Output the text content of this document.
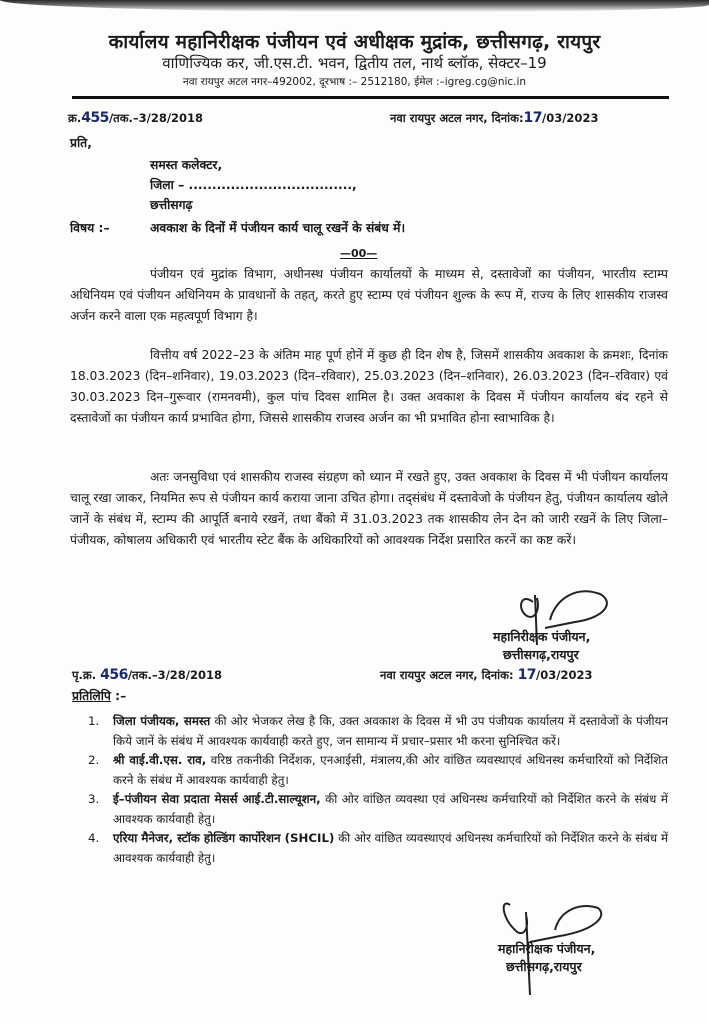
कार्यालय महानिरीक्षक पंजीयन एवं अधीक्षक मुद्रांक, छत्तीसगढ़, रायपुर
वाणिज्यिक कर, जी.एस.टी. भवन, द्वितीय तल, नार्थ ब्लॉक, सेक्टर–19
नवा रायपुर अटल नगर–492002, दूरभाष :– 2512180, ईमेल :–igreg.cg@nic.in
क्र.455/तक.–3/28/2018	नवा रायपुर अटल नगर, दिनांक:17/03/2023
प्रति,
समस्त कलेक्टर,
जिला – ...................................,
छत्तीसगढ़
विषय :–	अवकाश के दिनों में पंजीयन कार्य चालू रखनें के संबंध में।
—00—
पंजीयन एवं मुद्रांक विभाग, अधीनस्थ पंजीयन कार्यालयों के माध्यम से, दस्तावेजों का पंजीयन, भारतीय स्टाम्प अधिनियम एवं पंजीयन अधिनियम के प्रावधानों के तहत्, करते हुए स्टाम्प एवं पंजीयन शुल्क के रूप में, राज्य के लिए शासकीय राजस्व अर्जन करने वाला एक महत्वपूर्ण विभाग है।
वित्तीय वर्ष 2022–23 के अंतिम माह पूर्ण होनें में कुछ ही दिन शेष है, जिसमें शासकीय अवकाश के क्रमशः, दिनांक 18.03.2023 (दिन–शनिवार), 19.03.2023 (दिन–रविवार), 25.03.2023 (दिन–शनिवार), 26.03.2023 (दिन–रविवार) एवं 30.03.2023 दिन–गुरूवार (रामनवमी), कुल पांच दिवस शामिल है। उक्त अवकाश के दिवस में पंजीयन कार्यालय बंद रहने से दस्तावेजों का पंजीयन कार्य प्रभावित होगा, जिससे शासकीय राजस्व अर्जन का भी प्रभावित होना स्वाभाविक है।
अतः जनसुविधा एवं शासकीय राजस्व संग्रहण को ध्यान में रखते हुए, उक्त अवकाश के दिवस में भी पंजीयन कार्यालय चालू रखा जाकर, नियमित रूप से पंजीयन कार्य कराया जाना उचित होगा। तद्संबंध में दस्तावेजो के पंजीयन हेतु, पंजीयन कार्यालय खोले जानें के संबंध में, स्टाम्प की आपूर्ति बनाये रखनें, तथा बैंको में 31.03.2023 तक शासकीय लेन देन को जारी रखनें के लिए जिला–पंजीयक, कोषालय अधिकारी एवं भारतीय स्टेट बैंक के अधिकारियों को आवश्यक निर्देश प्रसारित करनें का कष्ट करें।
महानिरीक्षक पंजीयन,
छत्तीसगढ़,रायपुर
पृ.क्र. 456/तक.–3/28/2018	नवा रायपुर अटल नगर, दिनांक: 17/03/2023
प्रतिलिपि :–
1. जिला पंजीयक, समस्त की ओर भेजकर लेख है कि, उक्त अवकाश के दिवस में भी उप पंजीयक कार्यालय में दस्तावेजों के पंजीयन किये जानें के संबंध में आवश्यक कार्यवाही करते हुए, जन सामान्य में प्रचार–प्रसार भी करना सुनिश्चित करें।
2. श्री वाई.वी.एस. राव, वरिष्ठ तकनीकी निर्देशक, एनआईसी, मंत्रालय,की ओर वांछित व्यवस्थाएवं अधिनस्थ कर्मचारियों को निर्देशित करने के संबंध में आवश्यक कार्यवाही हेतु।
3. ई–पंजीयन सेवा प्रदाता मेसर्स आई.टी.साल्यूशन, की ओर वांछित व्यवस्था एवं अधिनस्थ कर्मचारियों को निर्देशित करने के संबंध में आवश्यक कार्यवाही हेतु।
4. एरिया मैनेजर, स्टॉक होल्डिंग कार्पोरेशन (SHCIL) की ओर वांछित व्यवस्थाएवं अधिनस्थ कर्मचारियों को निर्देशित करने के संबंध में आवश्यक कार्यवाही हेतु।
महानिरीक्षक पंजीयन,
छत्तीसगढ़,रायपुर
